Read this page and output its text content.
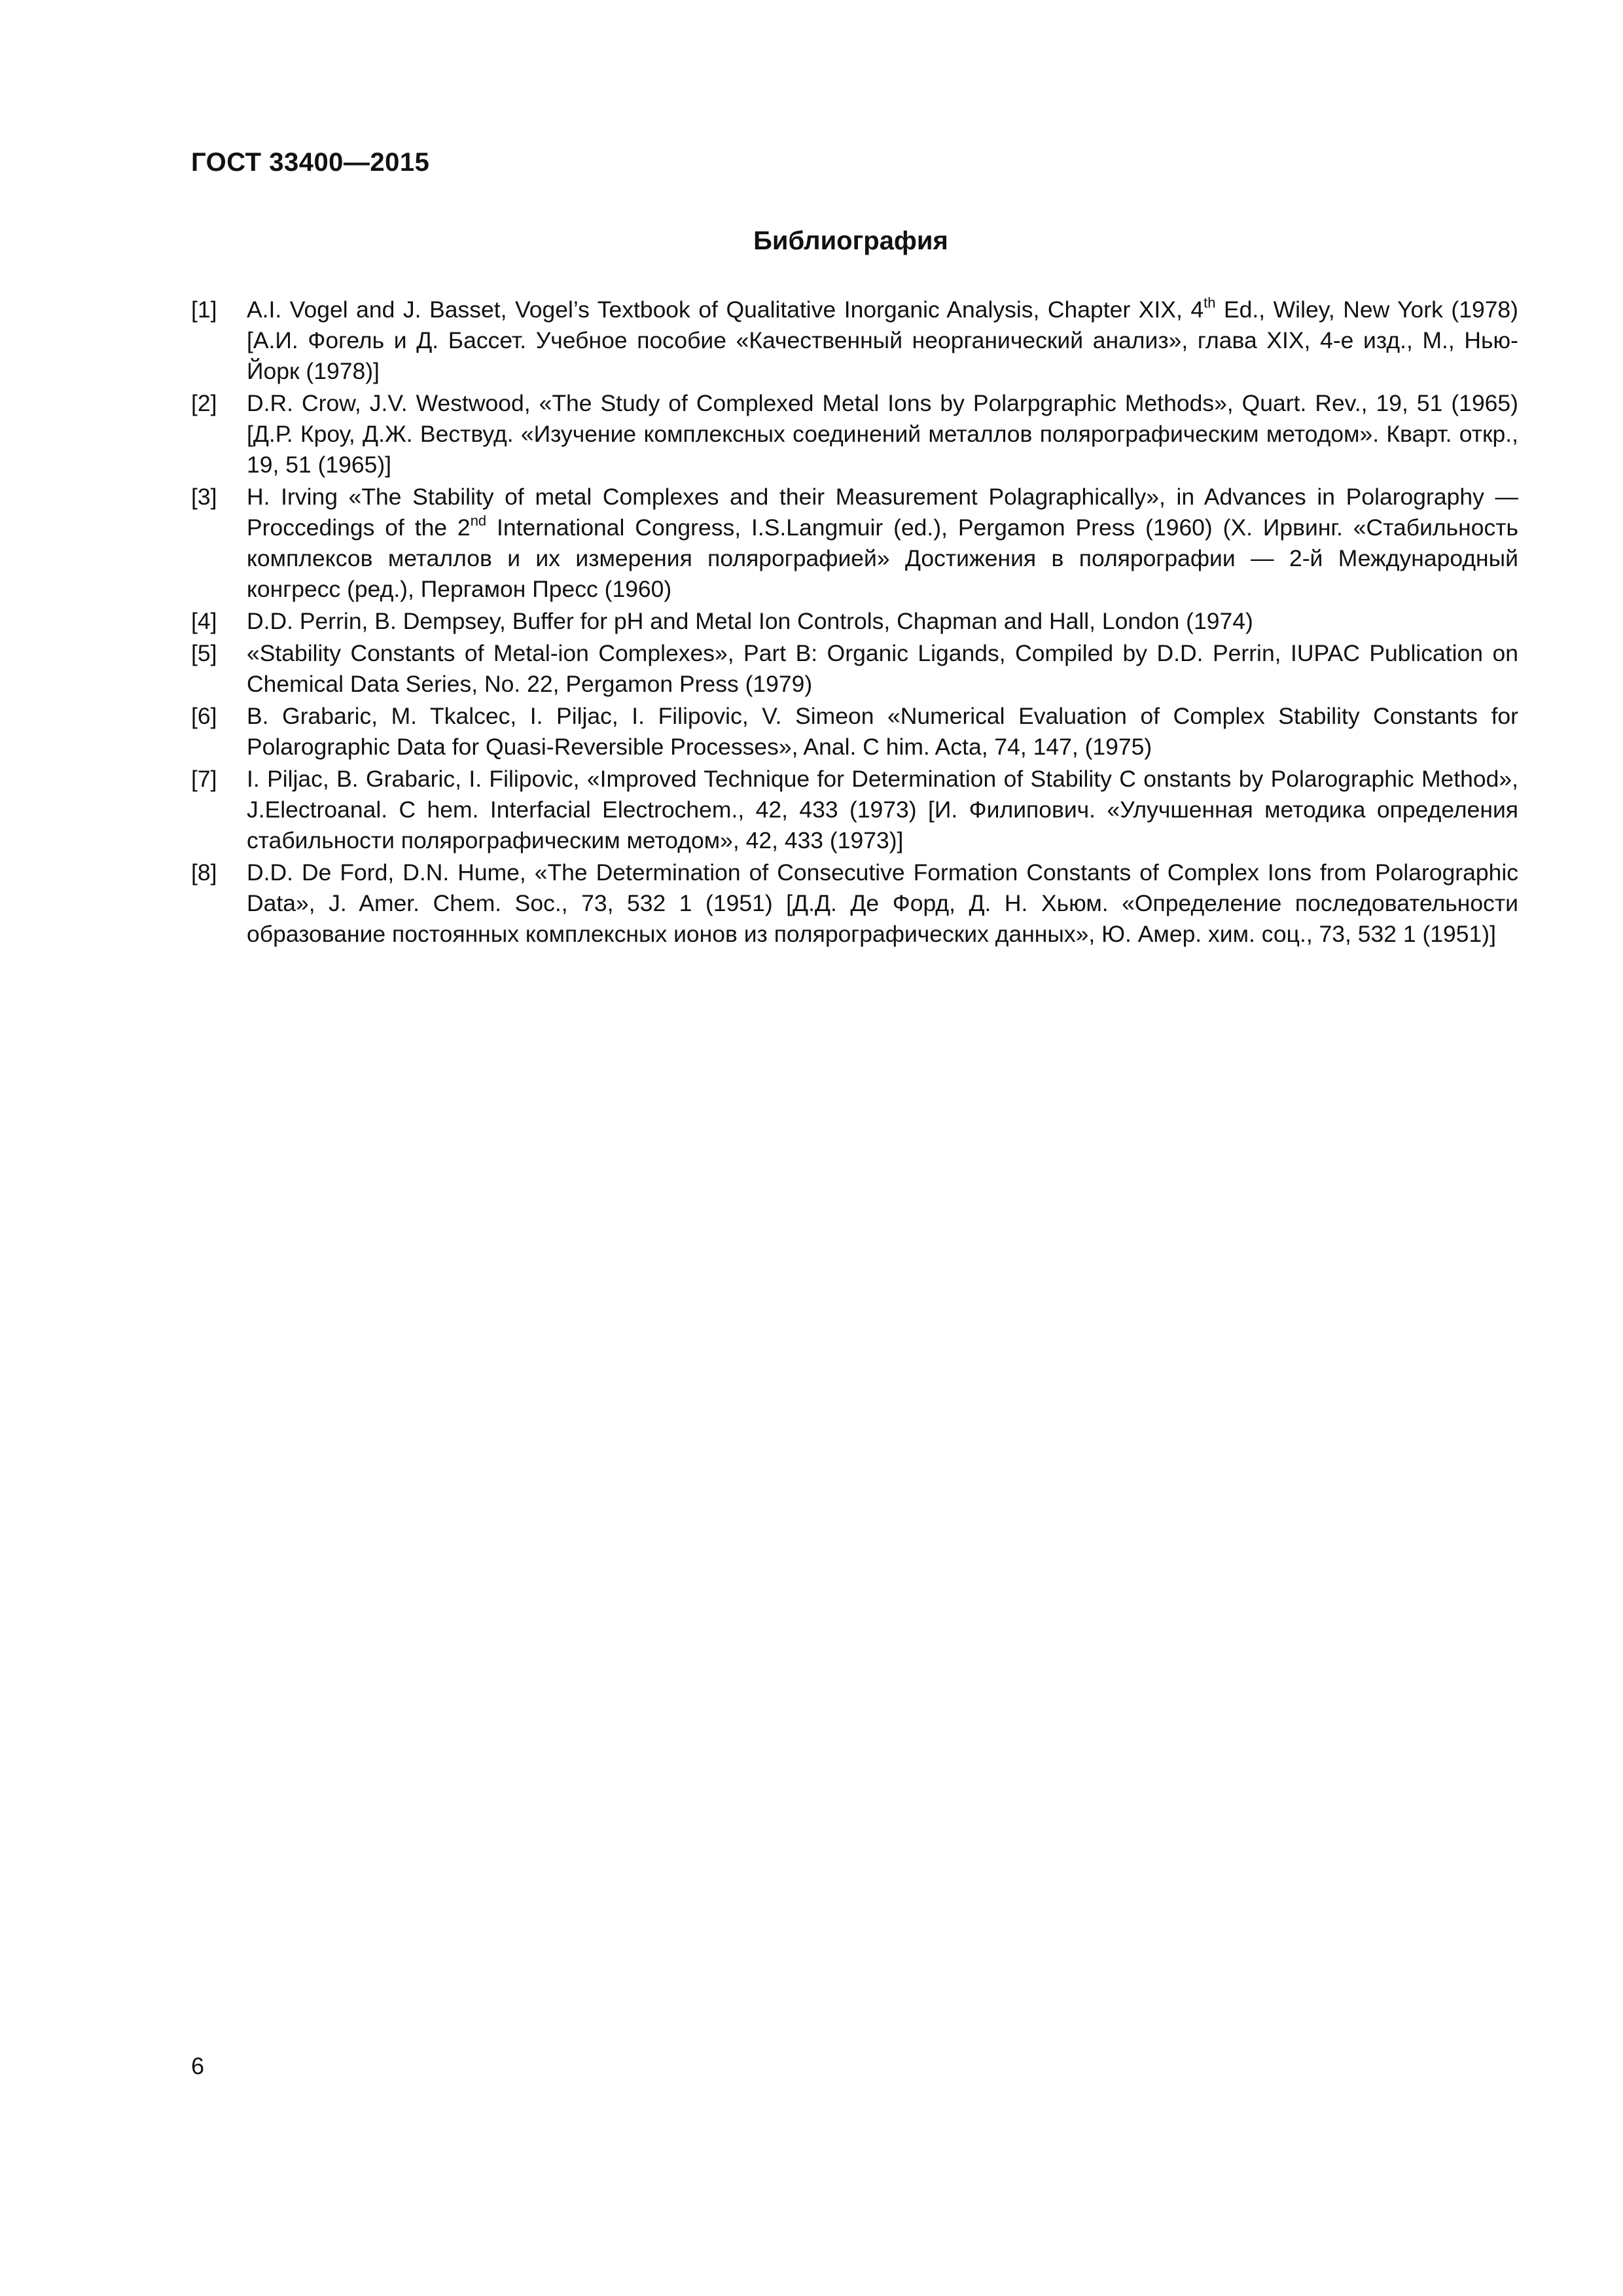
ГОСТ 33400—2015
Библиография
[1]	A.I. Vogel and J. Basset, Vogel’s Textbook of Qualitative Inorganic Analysis, Chapter XIX, 4th Ed., Wiley, New York (1978) [А.И. Фогель и Д. Бассет. Учебное пособие «Качественный неорганический анализ», глава XIX, 4-е изд., М., Нью- Йорк (1978)]
[2]	D.R. Crow, J.V. Westwood, «The Study of Complexed Metal Ions by Polarpgraphic Methods», Quart. Rev., 19, 51 (1965) [Д.Р. Кроу, Д.Ж. Вествуд. «Изучение комплексных соединений металлов полярографическим методом». Кварт. откр., 19, 51 (1965)]
[3]	H. Irving «The Stability of metal Complexes and their Measurement Polagraphically», in Advances in Polarography — Proccedings of the 2nd International Congress, I.S.Langmuir (ed.), Pergamon Press (1960) (Х. Ирвинг. «Стабильность комплексов металлов и их измерения полярографией» Достижения в полярографии — 2-й Международный конгресс (ред.), Пергамон Пресс (1960)
[4]	D.D. Perrin, B. Dempsey, Buffer for pH and Metal Ion Controls, Chapman and Hall, London (1974)
[5]	«Stability Constants of Metal-ion Complexes», Part B: Organic Ligands, Compiled by D.D. Perrin, IUPAC Publication on Chemical Data Series, No. 22, Pergamon Press (1979)
[6]	B. Grabaric, M. Tkalcec, I. Piljac, I. Filipovic, V. Simeon «Numerical Evaluation of Complex Stability Constants for Polarographic Data for Quasi-Reversible Processes», Anal. C him. Acta, 74, 147, (1975)
[7]	I. Piljac, B. Grabaric, I. Filipovic, «Improved Technique for Determination of Stability C onstants by Polarographic Method», J.Electroanal. C hem. Interfacial Electrochem., 42, 433 (1973) [И. Филипович. «Улучшенная методика определения стабильности полярографическим методом», 42, 433 (1973)]
[8]	D.D. De Ford, D.N. Hume, «The Determination of Consecutive Formation Constants of Complex Ions from Polarographic Data», J. Amer. Chem. Soc., 73, 532 1 (1951) [Д.Д. Де Форд, Д. Н. Хьюм. «Определение последовательности образование постоянных комплексных ионов из полярографических данных», Ю. Амер. хим. соц., 73, 532 1 (1951)]
6
